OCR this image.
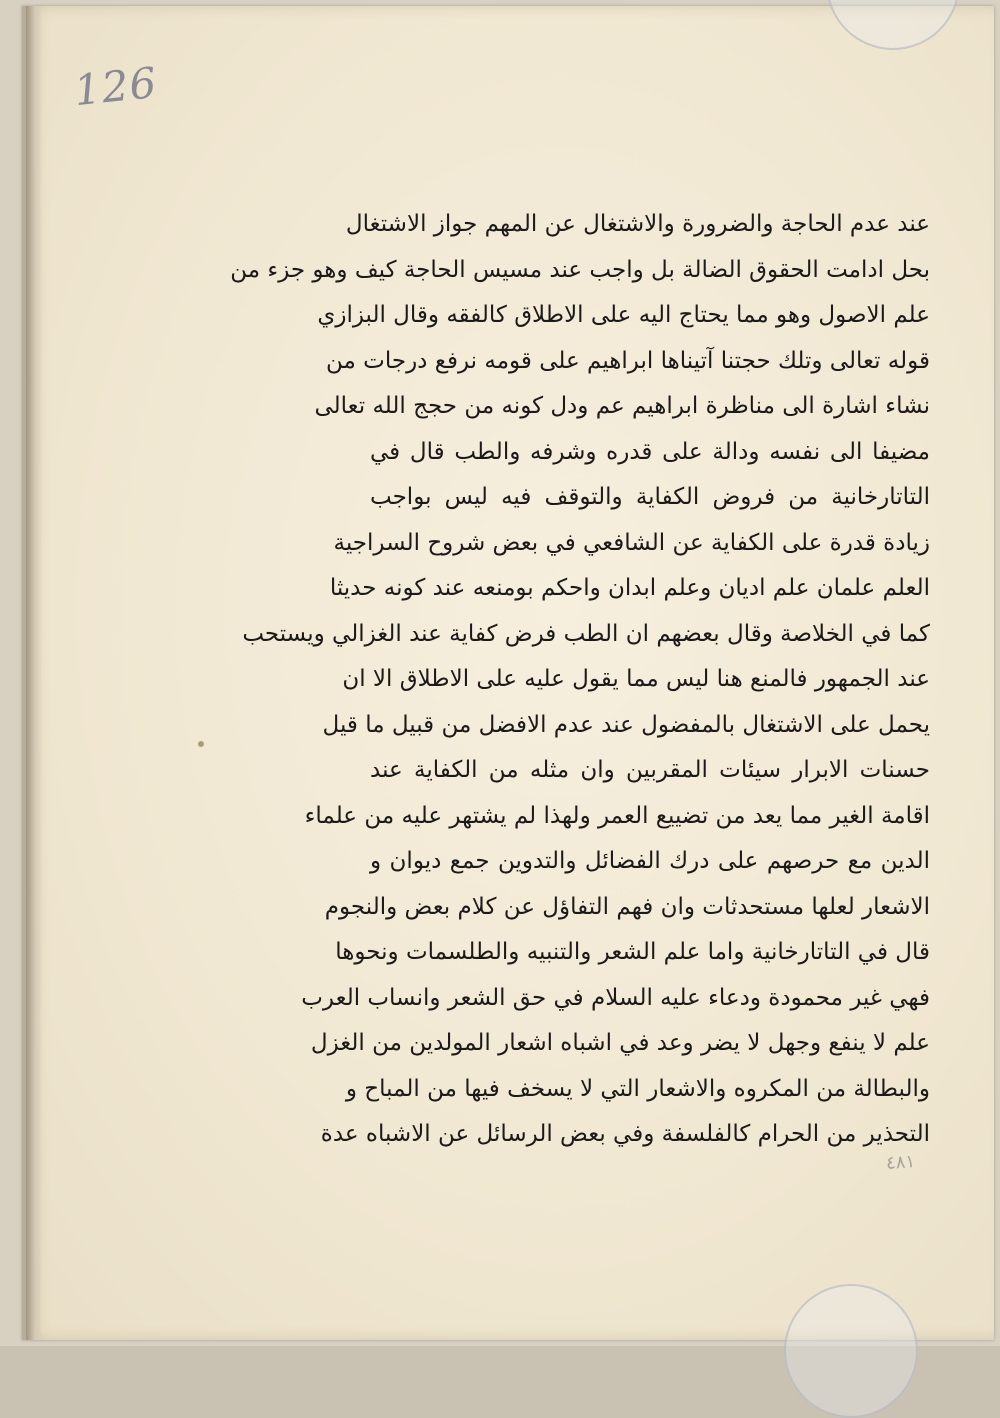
126
عند عدم الحاجة والضرورة والاشتغال عن المهم جواز الاشتغال
بحل ادامت الحقوق الضالة بل واجب عند مسيس الحاجة كيف وهو جزء من
علم الاصول وهو مما يحتاج اليه على الاطلاق كالفقه وقال البزازي
قوله تعالى وتلك حجتنا آتيناها ابراهيم على قومه نرفع درجات من
نشاء اشارة الى مناظرة ابراهيم عم ودل كونه من حجج الله تعالى
مضيفا الى نفسه ودالة على قدره وشرفه والطب قال في
التاتارخانية من فروض الكفاية والتوقف فيه ليس بواجب
زيادة قدرة على الكفاية عن الشافعي في بعض شروح السراجية
العلم علمان علم اديان وعلم ابدان واحكم بومنعه عند كونه حديثا
كما في الخلاصة وقال بعضهم ان الطب فرض كفاية عند الغزالي ويستحب
عند الجمهور فالمنع هنا ليس مما يقول عليه على الاطلاق الا ان
يحمل على الاشتغال بالمفضول عند عدم الافضل من قبيل ما قيل
حسنات الابرار سيئات المقربين وان مثله من الكفاية عند
اقامة الغير مما يعد من تضييع العمر ولهذا لم يشتهر عليه من علماء
الدين مع حرصهم على درك الفضائل والتدوين جمع ديوان و
الاشعار لعلها مستحدثات وان فهم التفاؤل عن كلام بعض والنجوم
قال في التاتارخانية واما علم الشعر والتنبيه والطلسمات ونحوها
فهي غير محمودة ودعاء عليه السلام في حق الشعر وانساب العرب
علم لا ينفع وجهل لا يضر وعد في اشباه اشعار المولدين من الغزل
والبطالة من المكروه والاشعار التي لا يسخف فيها من المباح و
التحذير من الحرام كالفلسفة وفي بعض الرسائل عن الاشباه عدة
٤٨١
